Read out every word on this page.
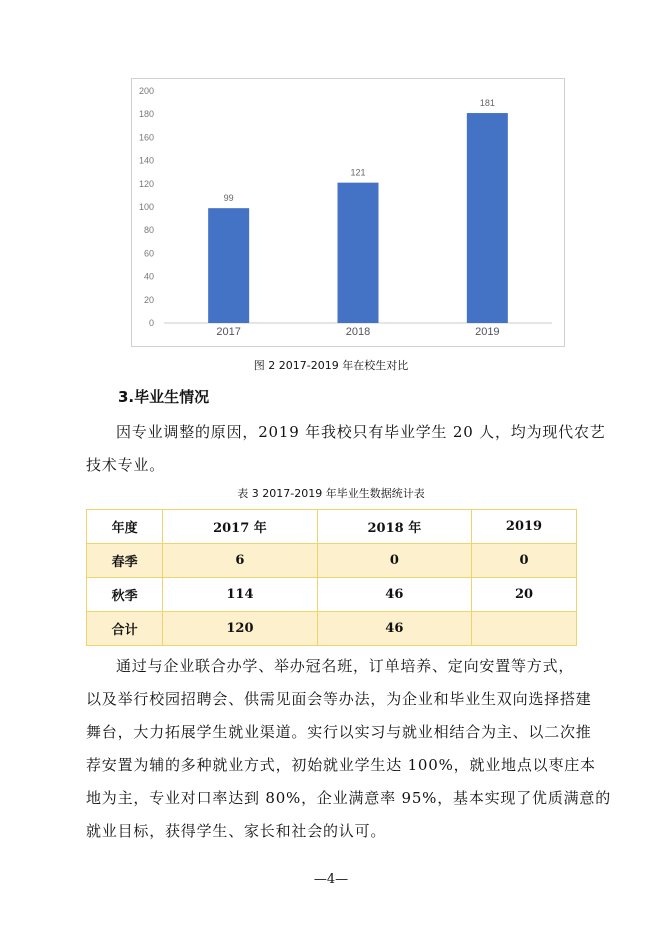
0
20
40
60
80
100
120
140
160
180
200
99
2017
121
2018
181
2019
图 2 2017-2019 年在校生对比
3.毕业生情况
因专业调整的原因，2019 年我校只有毕业学生 20 人，均为现代农艺
技术专业。
表 3 2017-2019 年毕业生数据统计表
年度	2017 年	2018 年	2019
春季	6	0	0
秋季	114	46	20
合计	120	46	
通过与企业联合办学、举办冠名班，订单培养、定向安置等方式，
以及举行校园招聘会、供需见面会等办法，为企业和毕业生双向选择搭建
舞台，大力拓展学生就业渠道。实行以实习与就业相结合为主、以二次推
荐安置为辅的多种就业方式，初始就业学生达 100%，就业地点以枣庄本
地为主，专业对口率达到 80%，企业满意率 95%，基本实现了优质满意的
就业目标，获得学生、家长和社会的认可。
—4—
